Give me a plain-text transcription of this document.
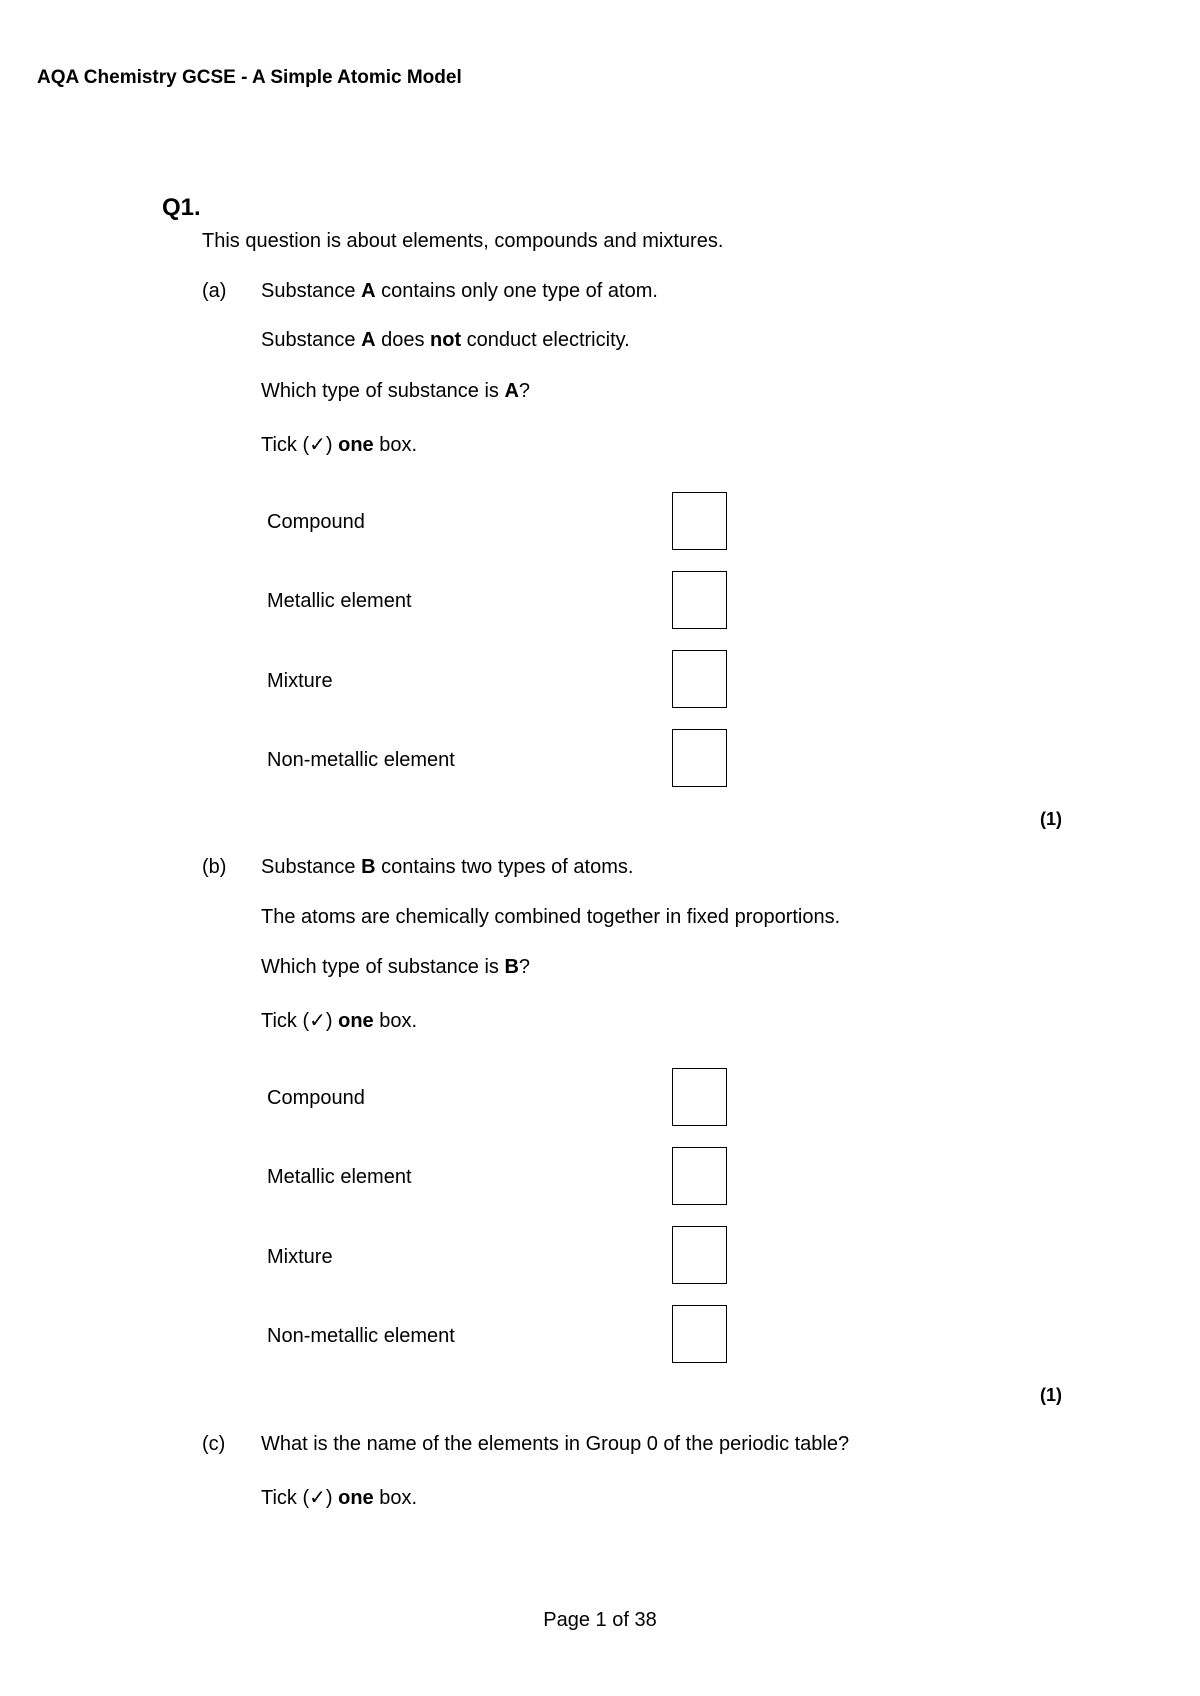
AQA Chemistry GCSE - A Simple Atomic Model
Q1.
This question is about elements, compounds and mixtures.
(a) Substance A contains only one type of atom.
Substance A does not conduct electricity.
Which type of substance is A?
Tick (✓) one box.
Compound
Metallic element
Mixture
Non-metallic element
(1)
(b) Substance B contains two types of atoms.
The atoms are chemically combined together in fixed proportions.
Which type of substance is B?
Tick (✓) one box.
Compound
Metallic element
Mixture
Non-metallic element
(1)
(c) What is the name of the elements in Group 0 of the periodic table?
Tick (✓) one box.
Page 1 of 38
